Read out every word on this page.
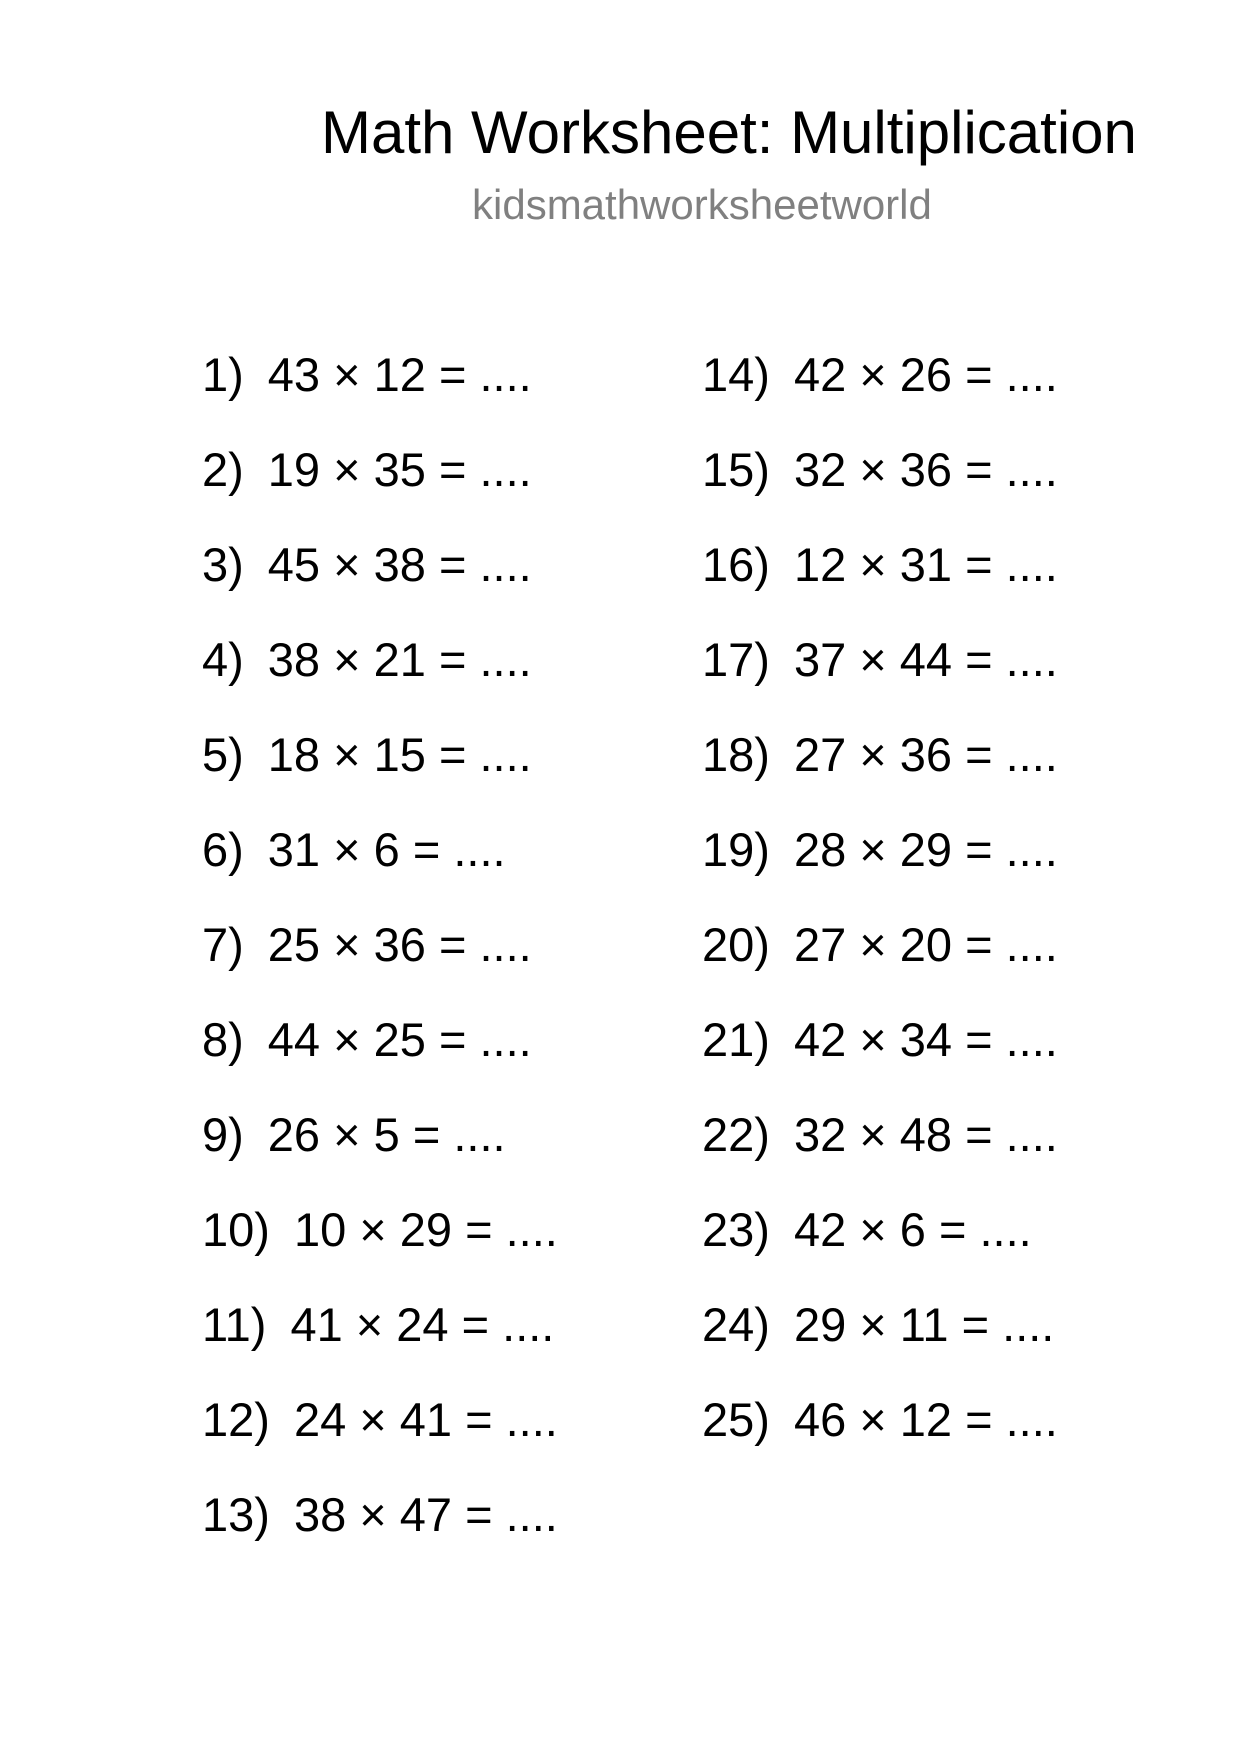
Math Worksheet: Multiplication
kidsmathworksheetworld
1) 43 × 12 = ....
2) 19 × 35 = ....
3) 45 × 38 = ....
4) 38 × 21 = ....
5) 18 × 15 = ....
6) 31 × 6 = ....
7) 25 × 36 = ....
8) 44 × 25 = ....
9) 26 × 5 = ....
10) 10 × 29 = ....
11) 41 × 24 = ....
12) 24 × 41 = ....
13) 38 × 47 = ....
14) 42 × 26 = ....
15) 32 × 36 = ....
16) 12 × 31 = ....
17) 37 × 44 = ....
18) 27 × 36 = ....
19) 28 × 29 = ....
20) 27 × 20 = ....
21) 42 × 34 = ....
22) 32 × 48 = ....
23) 42 × 6 = ....
24) 29 × 11 = ....
25) 46 × 12 = ....
